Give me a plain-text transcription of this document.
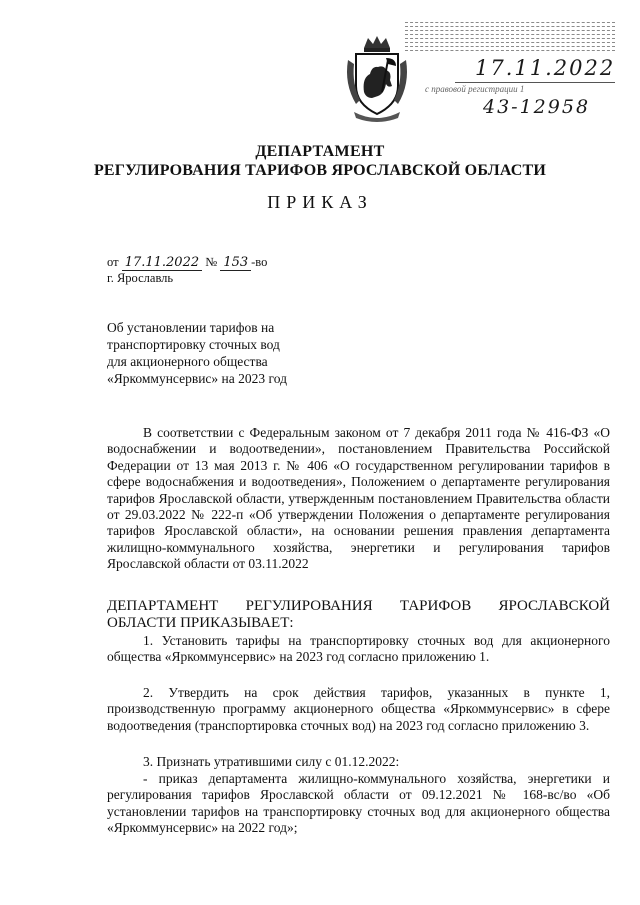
17.11.2022
с правовой регистрации 1
43-12958
ДЕПАРТАМЕНТ
РЕГУЛИРОВАНИЯ ТАРИФОВ ЯРОСЛАВСКОЙ ОБЛАСТИ
ПРИКАЗ
от 17.11.2022 № 153 -во
г. Ярославль
Об установлении тарифов на
транспортировку сточных вод
для акционерного общества
«Яркоммунсервис» на 2023 год
В соответствии с Федеральным законом от 7 декабря 2011 года № 416-ФЗ «О водоснабжении и водоотведении», постановлением Правительства Российской Федерации от 13 мая 2013 г. № 406 «О государственном регулировании тарифов в сфере водоснабжения и водоотведения», Положением о департаменте регулирования тарифов Ярославской области, утвержденным постановлением Правительства области от 29.03.2022 № 222-п «Об утверждении Положения о департаменте регулирования тарифов Ярославской области», на основании решения правления департамента жилищно-коммунального хозяйства, энергетики и регулирования тарифов Ярославской области от 03.11.2022
ДЕПАРТАМЕНТ РЕГУЛИРОВАНИЯ ТАРИФОВ ЯРОСЛАВСКОЙ
ОБЛАСТИ ПРИКАЗЫВАЕТ:
1. Установить тарифы на транспортировку сточных вод для акционерного общества «Яркоммунсервис» на 2023 год согласно приложению 1.
2. Утвердить на срок действия тарифов, указанных в пункте 1, производственную программу акционерного общества «Яркоммунсервис» в сфере водоотведения (транспортировка сточных вод) на 2023 год согласно приложению 3.
3. Признать утратившими силу с 01.12.2022:
- приказ департамента жилищно-коммунального хозяйства, энергетики и регулирования тарифов Ярославской области от 09.12.2021 № 168-вс/во «Об установлении тарифов на транспортировку сточных вод для акционерного общества «Яркоммунсервис» на 2022 год»;
